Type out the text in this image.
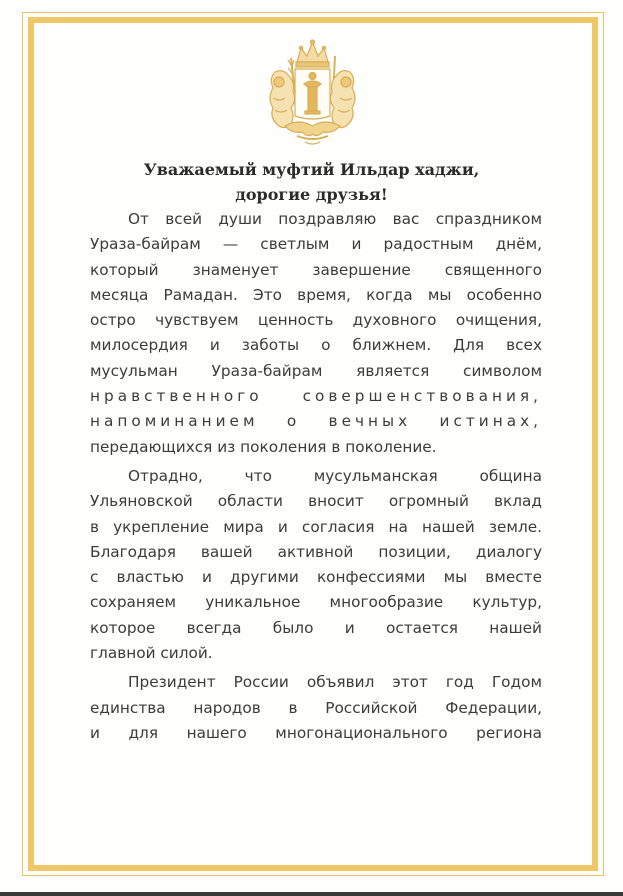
Уважаемый муфтий Ильдар хаджи,
дорогие друзья!

От всей души поздравляю вас спраздником
Ураза-байрам — светлым и радостным днём,
который знаменует завершение священного
месяца Рамадан. Это время, когда мы особенно
остро чувствуем ценность духовного очищения,
милосердия и заботы о ближнем. Для всех
мусульман Ураза-байрам является символом
нравственного совершенствования,
напоминанием о вечных истинах,
передающихся из поколения в поколение.

Отрадно, что мусульманская община
Ульяновской области вносит огромный вклад
в укрепление мира и согласия на нашей земле.
Благодаря вашей активной позиции, диалогу
с властью и другими конфессиями мы вместе
сохраняем уникальное многообразие культур,
которое всегда было и остается нашей
главной силой.

Президент России объявил этот год Годом
единства народов в Российской Федерации,
и для нашего многонационального региона
